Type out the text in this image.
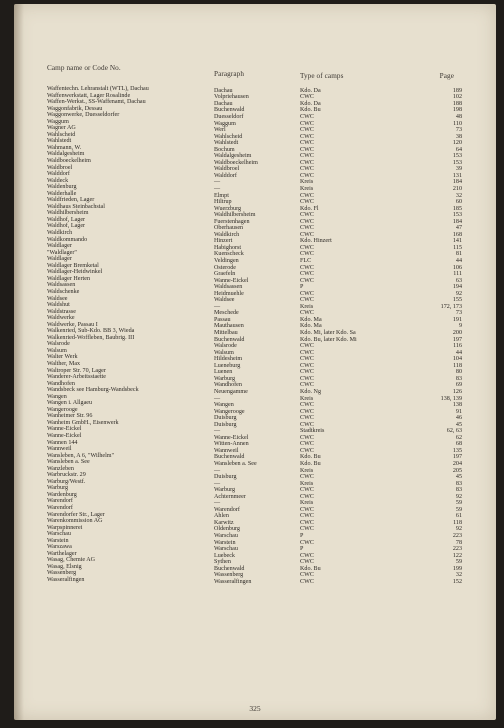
Camp name or Code No.
Paragraph	Type of camps	Page
Waffentechn. Lehranstalt (WTL), Dachau	Dachau	Kdo. Da	189
Waffenwerkstatt, Lager Rosalinde	Volpriehausen	CWC	102
Waffen-Werkst., SS-Waffenamt, Dachau	Dachau	Kdo. Da	188
Waggonfabrik, Dessau	Buchenwald	Kdo. Bu	198
Waggonwerke, Duesseldorfer	Duesseldorf	CWC	48
Waggum	Waggum	CWC	110
Wagner AG	Werl	CWC	73
Wahlscheid	Wahlscheid	CWC	38
Wahlstedt	Wahlstedt	CWC	120
Wahmann, W.	Bochum	CWC	64
Waldalgesheim	Waldalgesheim	CWC	153
Waldboeckelheim	Waldboeckelheim	CWC	153
Waldbroel	Waldbroel	CWC	39
Walddorf	Walddorf	CWC	131
Waldeck	—	Kreis	184
Waldenburg	—	Kreis	210
Walderhalle	Elmpt	CWC	32
Waldfrieden, Lager	Hiltrup	CWC	60
Waldhaus Steinbachstal	Wuerzburg	Kdo. Fl	185
Waldhilbersheim	Waldhilbersheim	CWC	153
Waldhof, Lager	Fuerstenhagen	CWC	184
Waldhof, Lager	Oberhausen	CWC	47
Waldkirch	Waldkirch	CWC	168
Waldkommando	Hinzert	Kdo. Hinzert	141
Waldlager	Habighorst	CWC	115
"Waldlager"	Kuenscheck	CWC	81
Waldlager	Veldingen	FLC	44
Waldlager Bremketal	Osterode	CWC	106
Waldlager-Heidwinkel	Graefeln	CWC	111
Waldlager Herten	Wanne-Eickel	CWC	63
Waldsassen	Waldsassen	P	194
Waldschenke	Heidmuehle	CWC	92
Waldsee	Waldsee	CWC	155
Waldshut	—	Kreis	172, 173
Waldstrasse	Meschede	CWC	73
Waldwerke	Passau	Kdo. Ma	191
Waldwerke, Passau I	Mauthausen	Kdo. Ma	9
Walkenried, Sub-Kdo. BB 3, Wieda	Mittelbau	Kdo. Mi, later Kdo. Sa	200
Walkenried-Woffleben, Baubrig. III	Buchenwald	Kdo. Bu, later Kdo. Mi	197
Walsrode	Walsrode	CWC	116
Walsum	Walsum	CWC	44
Walter Werk	Hildesheim	CWC	104
Walther, Max	Lueneburg	CWC	118
Waltroper Str. 70, Lager	Luenen	CWC	80
Wanderer-Arbeitsstaette	Warburg	CWC	83
Wandhofen	Wandhofen	CWC	69
Wandsbeck see Hamburg-Wandsbeck	Neuengamme	Kdo. Ng	126
Wangen	—	Kreis	138, 139
Wangen i. Allgaeu	Wangen	CWC	138
Wangerooge	Wangerooge	CWC	91
Wanheimer Str. 96	Duisburg	CWC	46
Wanheim GmbH., Eisenwerk	Duisburg	CWC	45
Wanne-Eickel	—	Stadtkreis	62, 63
Wanne-Eickel	Wanne-Eickel	CWC	62
Wannen 144	Witten-Annen	CWC	68
Wannweil	Wannweil	CWC	135
Wansleben, A 6, "Wilhelm"	Buchenwald	Kdo. Bu	197
Wansleben a. See	Wansleben a. See	Kdo. Bu	204
Wanzleben	—	Kreis	205
Warbruckstr. 29	Duisburg	CWC	45
Warburg/Westf.	—	Kreis	83
Warburg	Warburg	CWC	83
Wardenburg	Achternmeer	CWC	92
Warendorf	—	Kreis	59
Warendorf	Warendorf	CWC	59
Warendorfer Str., Lager	Ahlen	CWC	61
Warenkommission AG	Karwitz	CWC	118
Warpspinnerei	Oldenburg	CWC	92
Warschau	Warschau	P	223
Warstein	Warstein	CWC	78
Warszawa	Warschau	P	223
Warthelager	Luebeck	CWC	122
Wasag, Chemie AG	Sythen	CWC	59
Wasag, Elsnig	Buchenwald	Kdo. Bu	199
Wassenberg	Wassenberg	CWC	32
Wasseralfingen	Wasseralfingen	CWC	152
325
